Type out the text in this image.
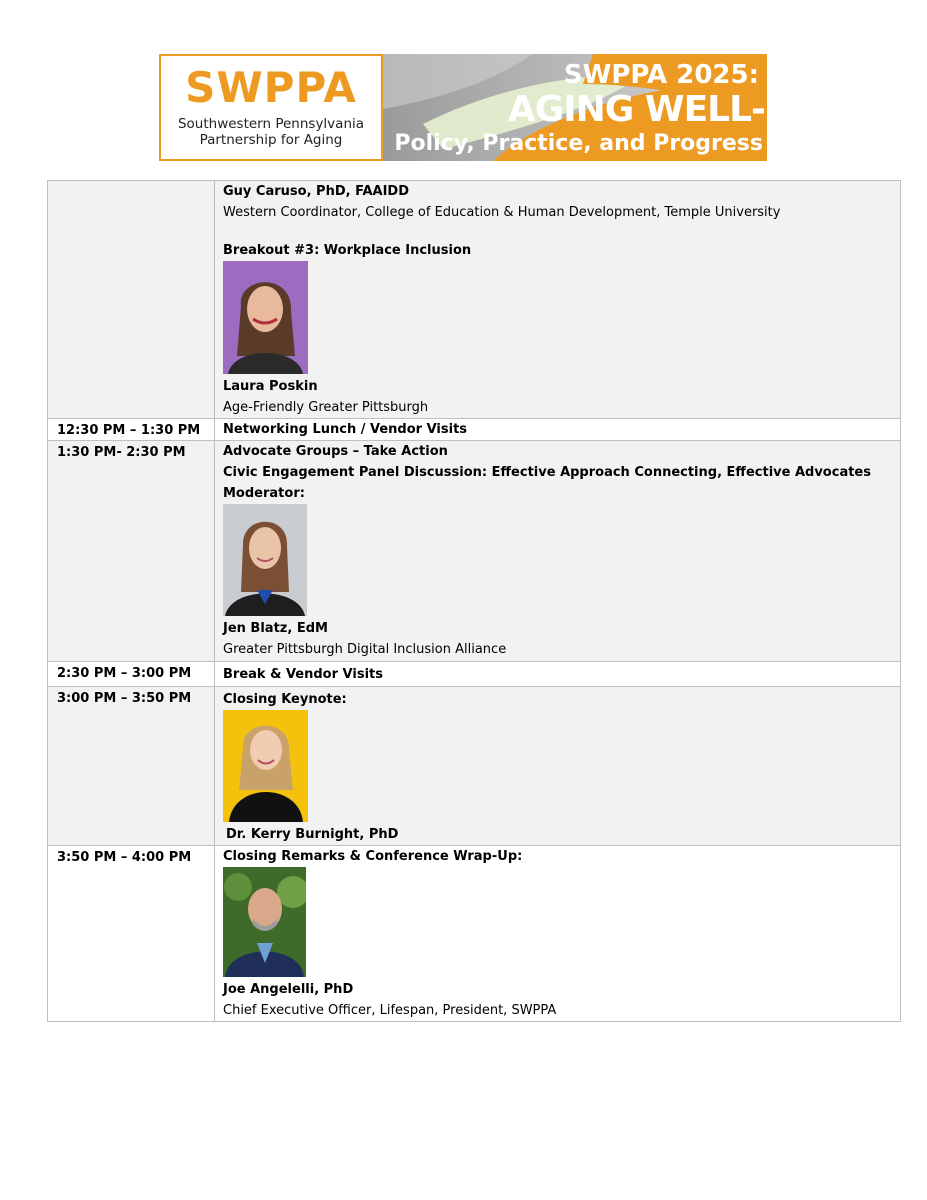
SWPPA
Southwestern Pennsylvania
Partnership for Aging
SWPPA 2025:
AGING WELL-
Policy, Practice, and Progress

	Guy Caruso, PhD, FAAIDD
Western Coordinator, College of Education & Human Development, Temple University
Breakout #3: Workplace Inclusion
Laura Poskin
Age-Friendly Greater Pittsburgh

12:30 PM – 1:30 PM	Networking Lunch / Vendor Visits

1:30 PM- 2:30 PM	Advocate Groups – Take Action
Civic Engagement Panel Discussion: Effective Approach Connecting, Effective Advocates
Moderator:
Jen Blatz, EdM
Greater Pittsburgh Digital Inclusion Alliance

2:30 PM – 3:00 PM	Break & Vendor Visits

3:00 PM – 3:50 PM	Closing Keynote:
Dr. Kerry Burnight, PhD

3:50 PM – 4:00 PM	Closing Remarks & Conference Wrap-Up:
Joe Angelelli, PhD
Chief Executive Officer, Lifespan, President, SWPPA
